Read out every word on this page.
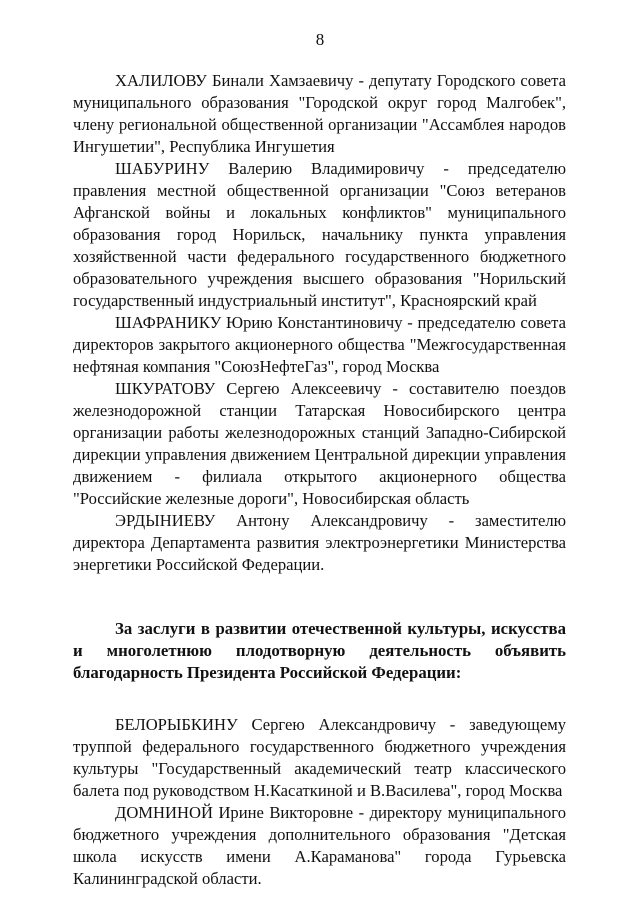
8

ХАЛИЛОВУ Бинали Хамзаевичу - депутату Городского совета муниципального образования "Городской округ город Малгобек", члену региональной общественной организации "Ассамблея народов Ингушетии", Республика Ингушетия

ШАБУРИНУ Валерию Владимировичу - председателю правления местной общественной организации "Союз ветеранов Афганской войны и локальных конфликтов" муниципального образования город Норильск, начальнику пункта управления хозяйственной части федерального государственного бюджетного образовательного учреждения высшего образования "Норильский государственный индустриальный институт", Красноярский край

ШАФРАНИКУ Юрию Константиновичу - председателю совета директоров закрытого акционерного общества "Межгосударственная нефтяная компания "СоюзНефтеГаз", город Москва

ШКУРАТОВУ Сергею Алексеевичу - составителю поездов железнодорожной станции Татарская Новосибирского центра организации работы железнодорожных станций Западно-Сибирской дирекции управления движением Центральной дирекции управления движением - филиала открытого акционерного общества "Российские железные дороги", Новосибирская область

ЭРДЫНИЕВУ Антону Александровичу - заместителю директора Департамента развития электроэнергетики Министерства энергетики Российской Федерации.

За заслуги в развитии отечественной культуры, искусства и многолетнюю плодотворную деятельность объявить благодарность Президента Российской Федерации:

БЕЛОРЫБКИНУ Сергею Александровичу - заведующему труппой федерального государственного бюджетного учреждения культуры "Государственный академический театр классического балета под руководством Н.Касаткиной и В.Василева", город Москва

ДОМНИНОЙ Ирине Викторовне - директору муниципального бюджетного учреждения дополнительного образования "Детская школа искусств имени А.Караманова" города Гурьевска Калининградской области.
